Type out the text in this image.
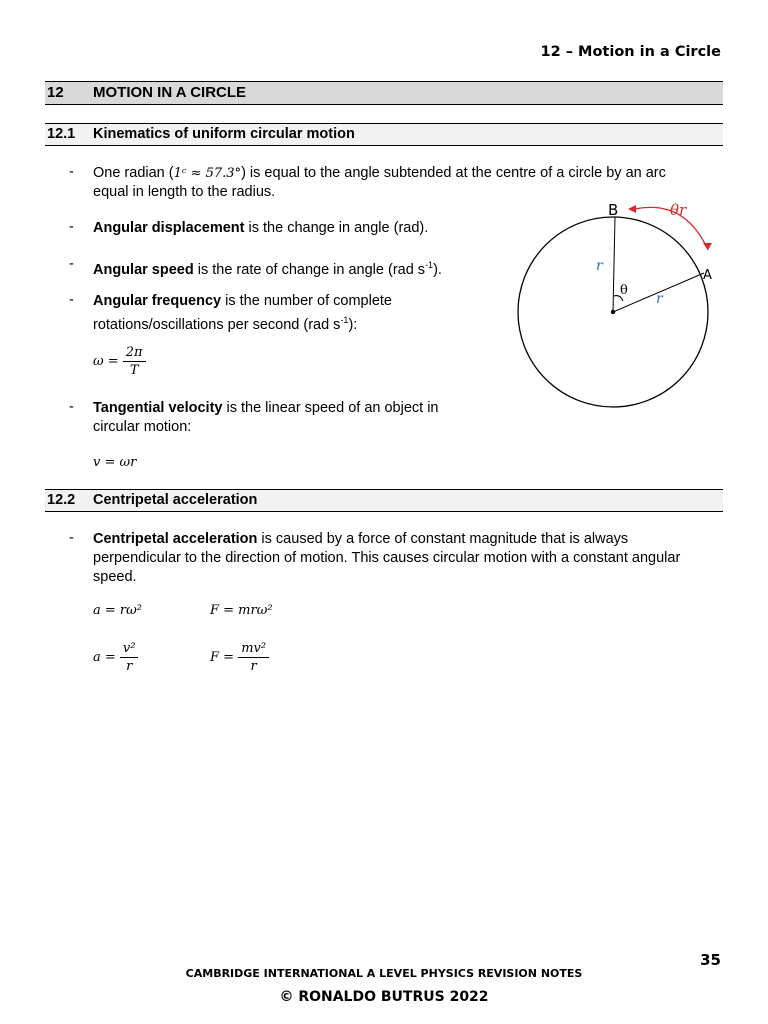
12 – Motion in a Circle
12 MOTION IN A CIRCLE
12.1 Kinematics of uniform circular motion
- One radian (1ᶜ ≈ 57.3°) is equal to the angle subtended at the centre of a circle by an arc
equal in length to the radius.
- Angular displacement is the change in angle (rad).
- Angular speed is the rate of change in angle (rad $s^{-1}$).
- Angular frequency is the number of complete
rotations/oscillations per second (rad $s^{-1}$):
$\omega = \frac{2\pi}{T}$
- Tangential velocity is the linear speed of an object in
circular motion:
v = ωr
B
A
θr
r
r
θ
12.2 Centripetal acceleration
- Centripetal acceleration is caused by a force of constant magnitude that is always
perpendicular to the direction of motion. This causes circular motion with a constant angular
speed.
a = rω²	F = mrω²
$a = \frac{\text{v²}}{r}$	$F = \frac{\text{mv²}}{r}$
35
CAMBRIDGE INTERNATIONAL A LEVEL PHYSICS REVISION NOTES
© RONALDO BUTRUS 2022
